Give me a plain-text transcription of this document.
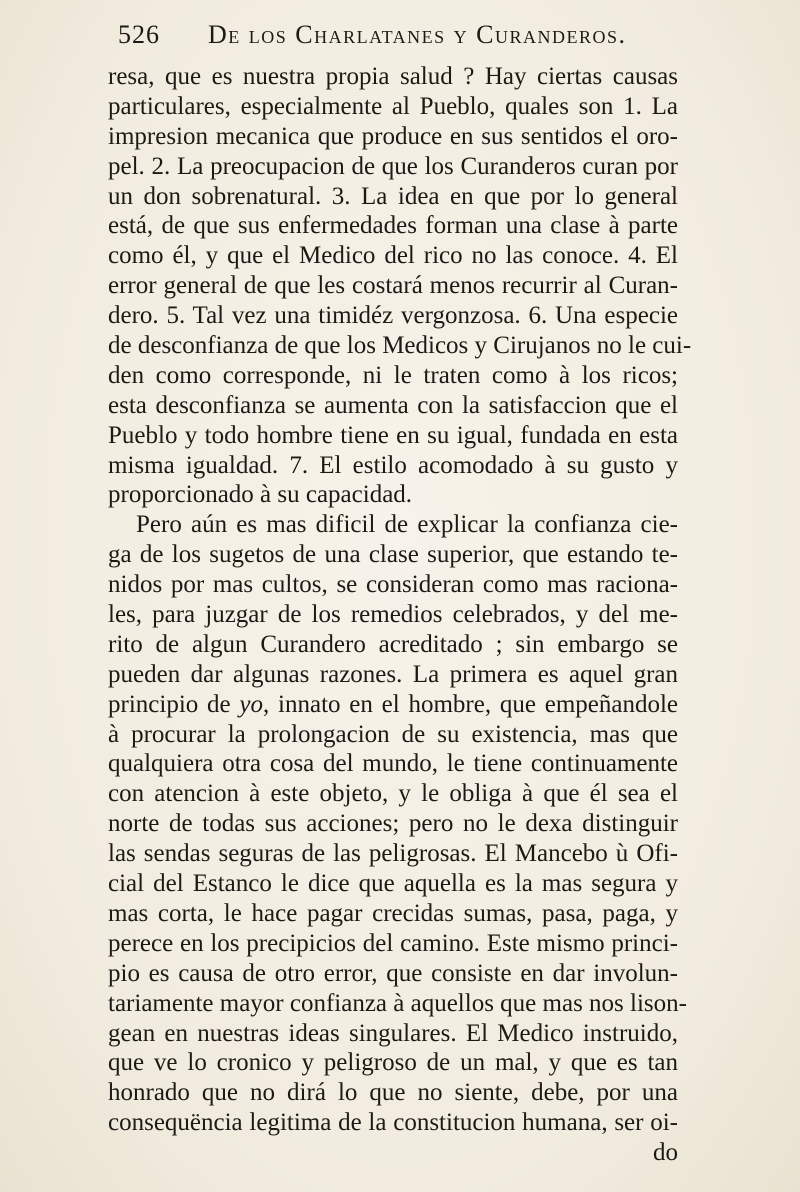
526 De los Charlatanes y Curanderos.
resa, que es nuestra propia salud ? Hay ciertas causas
particulares, especialmente al Pueblo, quales son 1. La
impresion mecanica que produce en sus sentidos el oro-
pel. 2. La preocupacion de que los Curanderos curan por
un don sobrenatural. 3. La idea en que por lo general
está, de que sus enfermedades forman una clase à parte
como él, y que el Medico del rico no las conoce. 4. El
error general de que les costará menos recurrir al Curan-
dero. 5. Tal vez una timidéz vergonzosa. 6. Una especie
de desconfianza de que los Medicos y Cirujanos no le cui-
den como corresponde, ni le traten como à los ricos;
esta desconfianza se aumenta con la satisfaccion que el
Pueblo y todo hombre tiene en su igual, fundada en esta
misma igualdad. 7. El estilo acomodado à su gusto y
proporcionado à su capacidad.
Pero aún es mas dificil de explicar la confianza cie-
ga de los sugetos de una clase superior, que estando te-
nidos por mas cultos, se consideran como mas raciona-
les, para juzgar de los remedios celebrados, y del me-
rito de algun Curandero acreditado ; sin embargo se
pueden dar algunas razones. La primera es aquel gran
principio de yo, innato en el hombre, que empeñandole
à procurar la prolongacion de su existencia, mas que
qualquiera otra cosa del mundo, le tiene continuamente
con atencion à este objeto, y le obliga à que él sea el
norte de todas sus acciones; pero no le dexa distinguir
las sendas seguras de las peligrosas. El Mancebo ù Ofi-
cial del Estanco le dice que aquella es la mas segura y
mas corta, le hace pagar crecidas sumas, pasa, paga, y
perece en los precipicios del camino. Este mismo princi-
pio es causa de otro error, que consiste en dar involun-
tariamente mayor confianza à aquellos que mas nos lison-
gean en nuestras ideas singulares. El Medico instruido,
que ve lo cronico y peligroso de un mal, y que es tan
honrado que no dirá lo que no siente, debe, por una
consequëncia legitima de la constitucion humana, ser oi-
do
